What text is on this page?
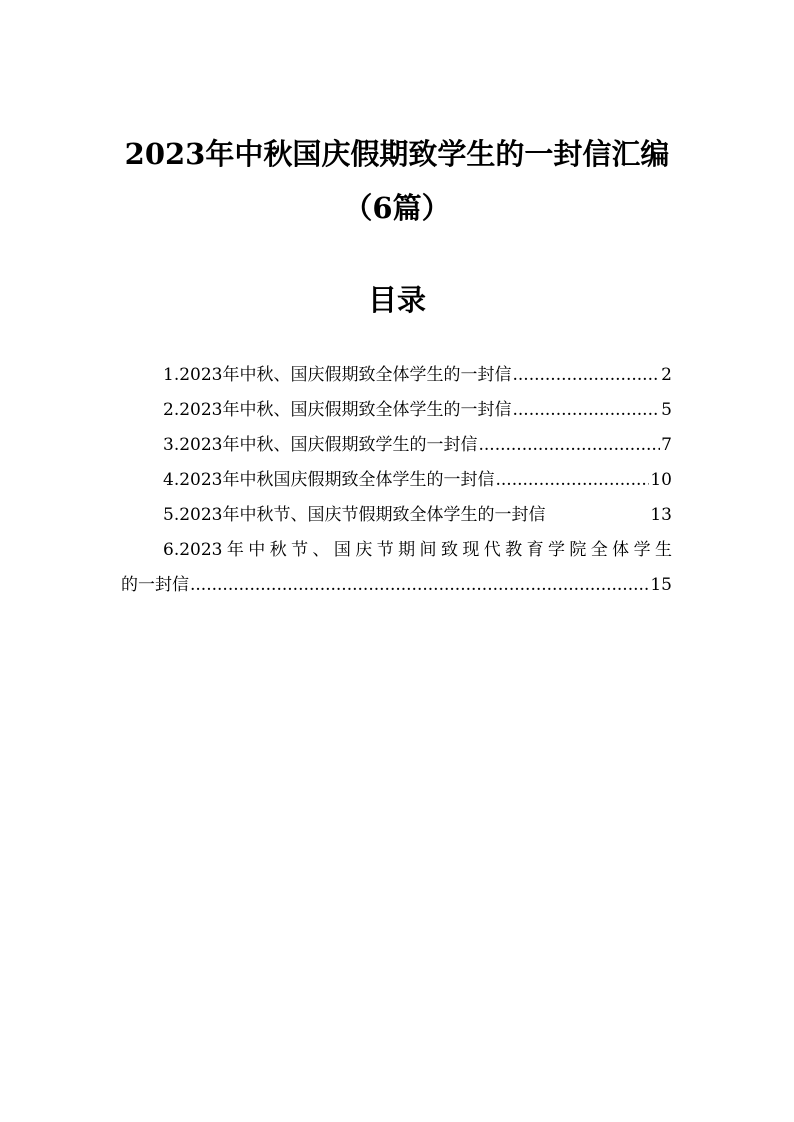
2023年中秋国庆假期致学生的一封信汇编
（6篇）
目录
1.2023年中秋、国庆假期致全体学生的一封信 .....	2
2.2023年中秋、国庆假期致全体学生的一封信 .....	5
3.2023年中秋、国庆假期致学生的一封信 .....	7
4.2023年中秋国庆假期致全体学生的一封信 .....	10
5.2023年中秋节、国庆节假期致全体学生的一封信	13
6.2023年中秋节、国庆节期间致现代教育学院全体学生
的一封信 .....	15
